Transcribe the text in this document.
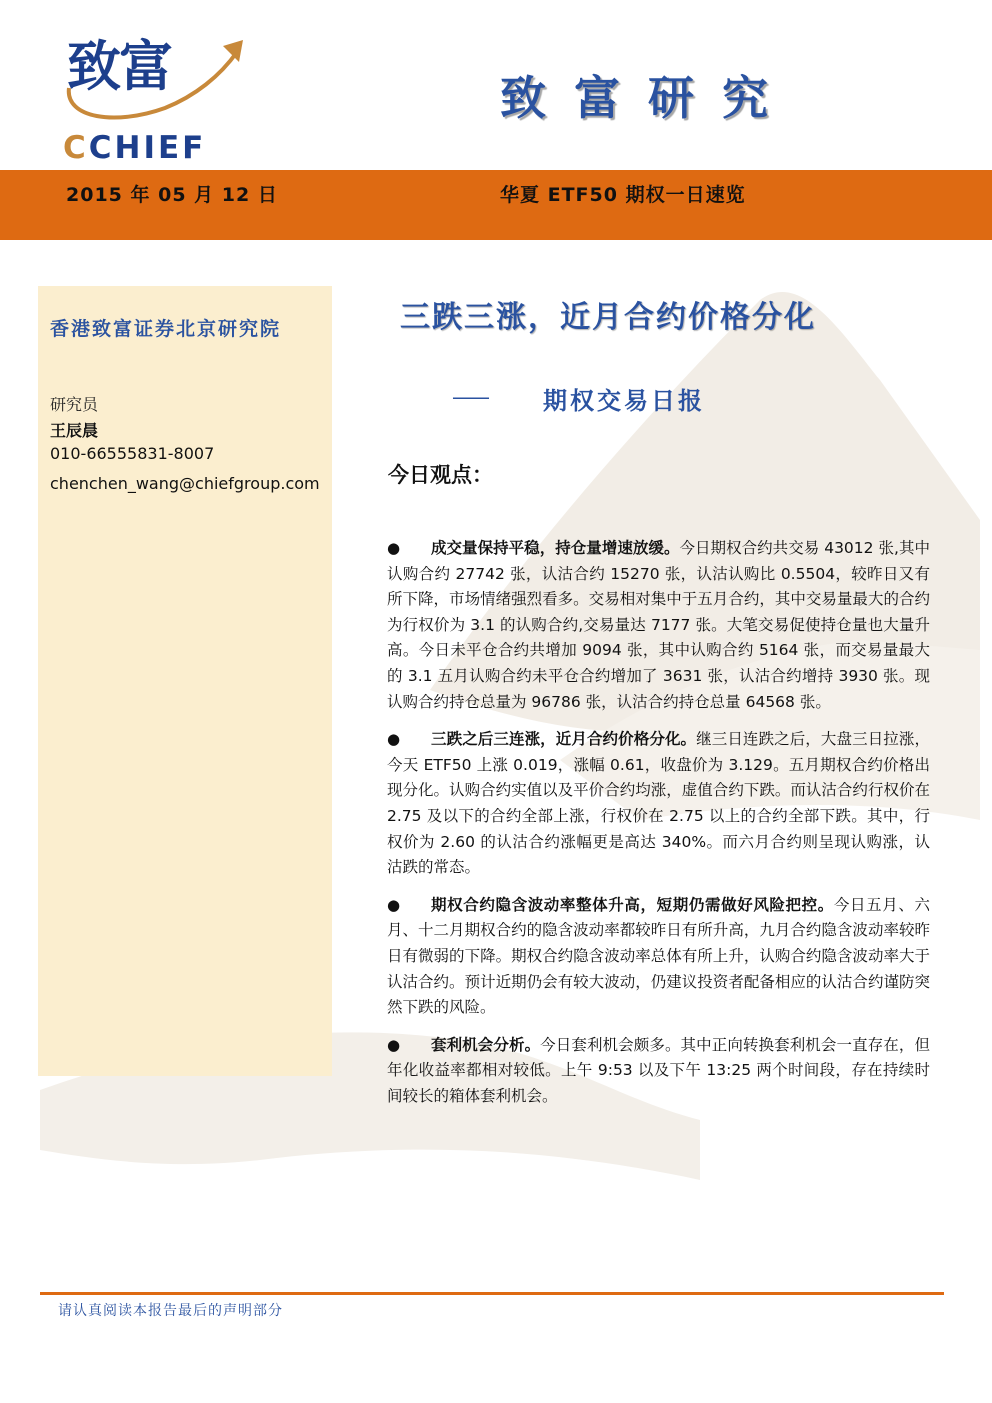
致富
CCHIEF
致富研究
2015 年 05 月 12 日	华夏 ETF50 期权一日速览
香港致富证券北京研究院
研究员
王辰晨
010-66555831-8007
chenchen_wang@chiefgroup.com
三跌三涨，近月合约价格分化
—— 期权交易日报
今日观点：
● 成交量保持平稳，持仓量增速放缓。今日期权合约共交易 43012 张,其中认购合约 27742 张，认沽合约 15270 张，认沽认购比 0.5504，较昨日又有所下降，市场情绪强烈看多。交易相对集中于五月合约，其中交易量最大的合约为行权价为 3.1 的认购合约,交易量达 7177 张。大笔交易促使持仓量也大量升高。今日未平仓合约共增加 9094 张，其中认购合约 5164 张，而交易量最大的 3.1 五月认购合约未平仓合约增加了 3631 张，认沽合约增持 3930 张。现认购合约持仓总量为 96786 张，认沽合约持仓总量 64568 张。
● 三跌之后三连涨，近月合约价格分化。继三日连跌之后，大盘三日拉涨，今天 ETF50 上涨 0.019，涨幅 0.61，收盘价为 3.129。五月期权合约价格出现分化。认购合约实值以及平价合约均涨，虚值合约下跌。而认沽合约行权价在 2.75 及以下的合约全部上涨，行权价在 2.75 以上的合约全部下跌。其中，行权价为 2.60 的认沽合约涨幅更是高达 340%。而六月合约则呈现认购涨，认沽跌的常态。
● 期权合约隐含波动率整体升高，短期仍需做好风险把控。今日五月、六月、十二月期权合约的隐含波动率都较昨日有所升高，九月合约隐含波动率较昨日有微弱的下降。期权合约隐含波动率总体有所上升，认购合约隐含波动率大于认沽合约。预计近期仍会有较大波动，仍建议投资者配备相应的认沽合约谨防突然下跌的风险。
● 套利机会分析。今日套利机会颇多。其中正向转换套利机会一直存在，但年化收益率都相对较低。上午 9:53 以及下午 13:25 两个时间段，存在持续时间较长的箱体套利机会。
请认真阅读本报告最后的声明部分
